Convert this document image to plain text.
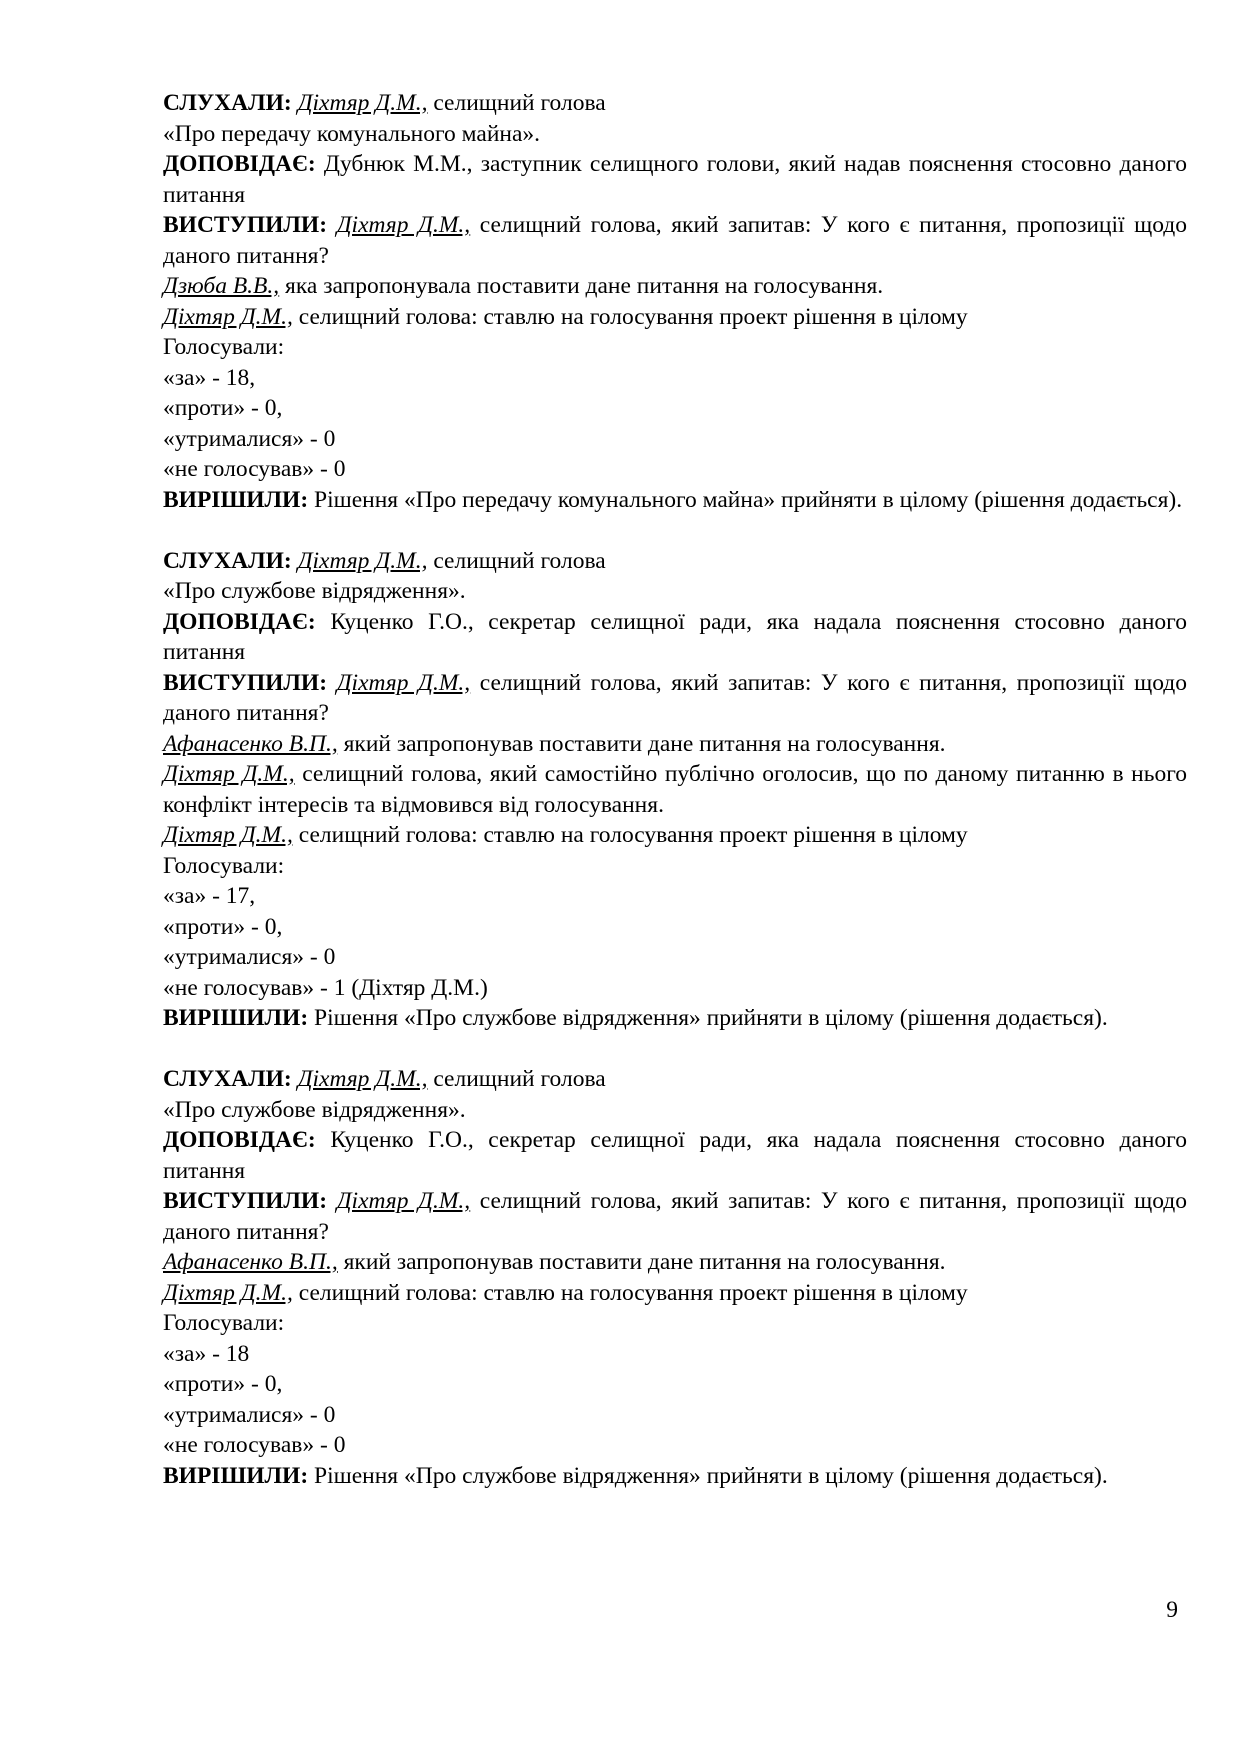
СЛУХАЛИ: Діхтяр Д.М., селищний голова

«Про передачу комунального майна».

ДОПОВІДАЄ: Дубнюк М.М., заступник селищного голови, який надав пояснення стосовно даного питання

ВИСТУПИЛИ: Діхтяр Д.М., селищний голова, який запитав: У кого є питання, пропозиції щодо даного питання?

Дзюба В.В., яка запропонувала поставити дане питання на голосування.

Діхтяр Д.М., селищний голова: ставлю на голосування проект рішення в цілому

Голосували:

«за» - 18,

«проти» - 0,

«утрималися» - 0

«не голосував» - 0

ВИРІШИЛИ: Рішення «Про передачу комунального майна» прийняти в цілому (рішення додається).

СЛУХАЛИ: Діхтяр Д.М., селищний голова

«Про службове відрядження».

ДОПОВІДАЄ: Куценко Г.О., секретар селищної ради, яка надала пояснення стосовно даного питання

ВИСТУПИЛИ: Діхтяр Д.М., селищний голова, який запитав: У кого є питання, пропозиції щодо даного питання?

Афанасенко В.П., який запропонував поставити дане питання на голосування.

Діхтяр Д.М., селищний голова, який самостійно публічно оголосив, що по даному питанню в нього конфлікт інтересів та відмовився від голосування.

Діхтяр Д.М., селищний голова: ставлю на голосування проект рішення в цілому

Голосували:

«за» - 17,

«проти» - 0,

«утрималися» - 0

«не голосував» - 1 (Діхтяр Д.М.)

ВИРІШИЛИ: Рішення «Про службове відрядження» прийняти в цілому (рішення додається).

СЛУХАЛИ: Діхтяр Д.М., селищний голова

«Про службове відрядження».

ДОПОВІДАЄ: Куценко Г.О., секретар селищної ради, яка надала пояснення стосовно даного питання

ВИСТУПИЛИ: Діхтяр Д.М., селищний голова, який запитав: У кого є питання, пропозиції щодо даного питання?

Афанасенко В.П., який запропонував поставити дане питання на голосування.

Діхтяр Д.М., селищний голова: ставлю на голосування проект рішення в цілому

Голосували:

«за» - 18

«проти» - 0,

«утрималися» - 0

«не голосував» - 0

ВИРІШИЛИ: Рішення «Про службове відрядження» прийняти в цілому (рішення додається).

9
